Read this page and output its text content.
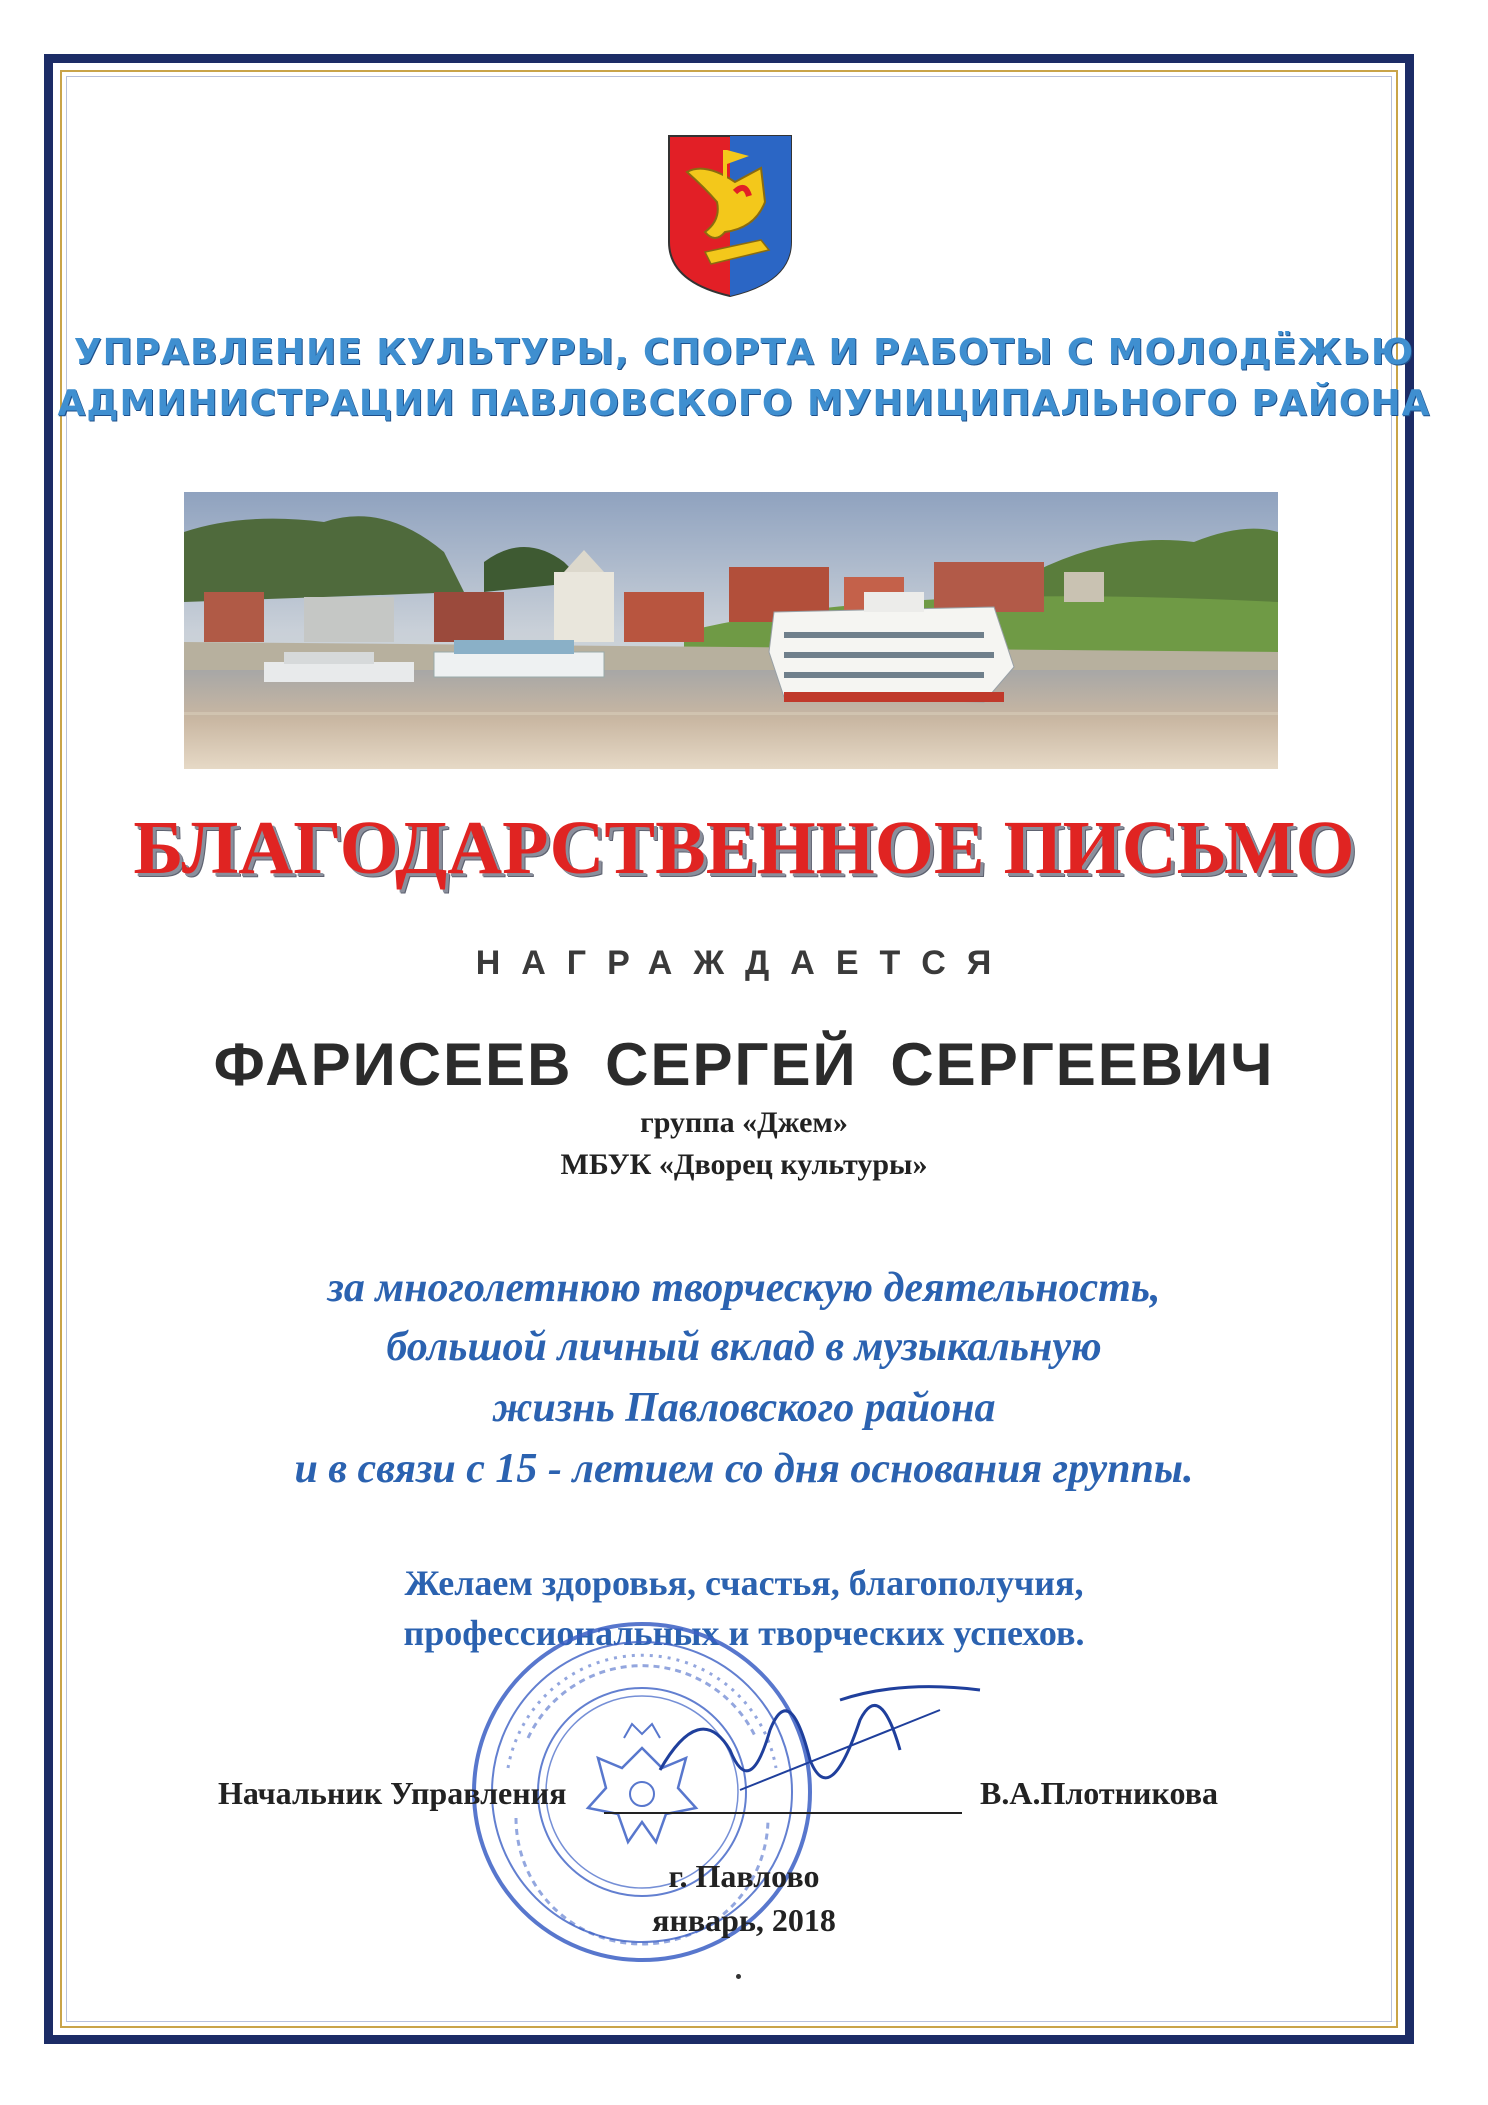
УПРАВЛЕНИЕ КУЛЬТУРЫ, СПОРТА И РАБОТЫ С МОЛОДЁЖЬЮ
АДМИНИСТРАЦИИ ПАВЛОВСКОГО МУНИЦИПАЛЬНОГО РАЙОНА
БЛАГОДАРСТВЕННОЕ ПИСЬМО
НАГРАЖДАЕТСЯ
ФАРИСЕЕВ СЕРГЕЙ СЕРГЕЕВИЧ
группа «Джем»
МБУК «Дворец культуры»
за многолетнюю творческую деятельность,
большой личный вклад в музыкальную
жизнь Павловского района
и в связи с 15 - летием со дня основания группы.
Желаем здоровья, счастья, благополучия,
профессиональных и творческих успехов.
Начальник Управления	В.А.Плотникова
г. Павлово
январь, 2018
